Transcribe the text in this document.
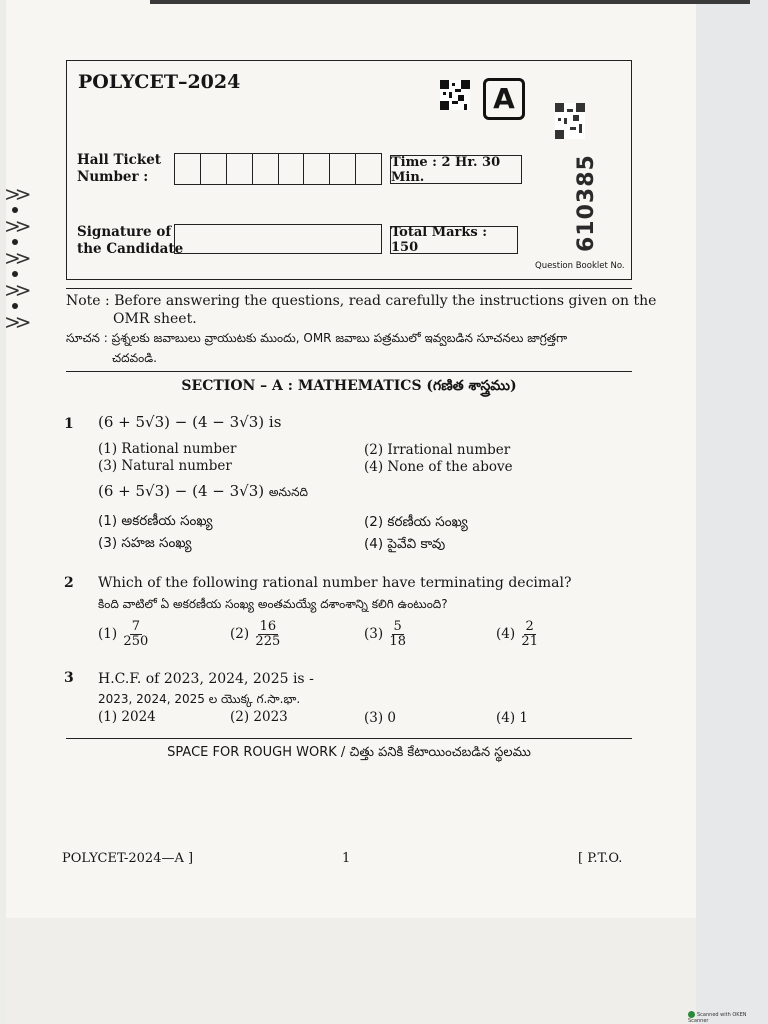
>>
>>
>>
>>
>>
POLYCET–2024	A
Hall Ticket
Number :
Time : 2 Hr. 30 Min.
Signature of
the Candidate
Total Marks : 150	610385
Question Booklet No.
Note : Before answering the questions, read carefully the instructions given on the
OMR sheet.
సూచన : ప్రశ్నలకు జవాబులు వ్రాయుటకు ముందు, OMR జవాబు పత్రములో ఇవ్వబడిన సూచనలు జాగ్రత్తగా
చదవండి.
SECTION – A : MATHEMATICS (గణిత శాస్త్రము)
1 (6 + 5√3) − (4 − 3√3) is
(1) Rational number	(2) Irrational number
(3) Natural number	(4) None of the above
(6 + 5√3) − (4 − 3√3) అనునది
(1) అకరణీయ సంఖ్య	(2) కరణీయ సంఖ్య
(3) సహజ సంఖ్య	(4) పైవేవి కావు
2 Which of the following rational number have terminating decimal?
కింది వాటిలో ఏ అకరణీయ సంఖ్య అంతమయ్యే దశాంశాన్ని కలిగి ఉంటుంది?
$(1) \frac{7}{250}$	$(2) \frac{16}{225}$	$(3) \frac{5}{18}$	$(4) \frac{2}{21}$
3 H.C.F. of 2023, 2024, 2025 is -
2023, 2024, 2025 ల యొక్క గ.సా.భా.
(1) 2024	(2) 2023	(3) 0	(4) 1
SPACE FOR ROUGH WORK / చిత్తు పనికి కేటాయించబడిన స్థలము
POLYCET-2024—A ]	1	[ P.T.O.
Scanned with OKEN Scanner
